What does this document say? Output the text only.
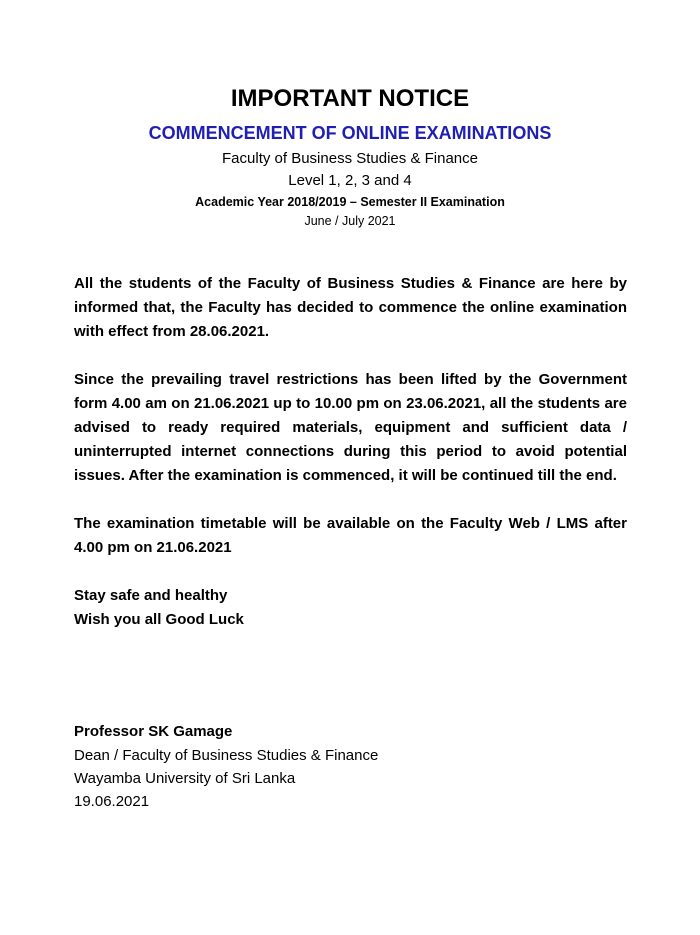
IMPORTANT NOTICE
COMMENCEMENT OF ONLINE EXAMINATIONS

Faculty of Business Studies & Finance

Level 1, 2, 3 and 4

Academic Year 2018/2019 – Semester II Examination

June / July 2021

All the students of the Faculty of Business Studies & Finance are here by informed that, the Faculty has decided to commence the online examination with effect from 28.06.2021.

Since the prevailing travel restrictions has been lifted by the Government form 4.00 am on 21.06.2021 up to 10.00 pm on 23.06.2021, all the students are advised to ready required materials, equipment and sufficient data / uninterrupted internet connections during this period to avoid potential issues. After the examination is commenced, it will be continued till the end.

The examination timetable will be available on the Faculty Web / LMS after 4.00 pm on 21.06.2021

Stay safe and healthy

Wish you all Good Luck

Professor SK Gamage

Dean / Faculty of Business Studies & Finance

Wayamba University of Sri Lanka

19.06.2021
